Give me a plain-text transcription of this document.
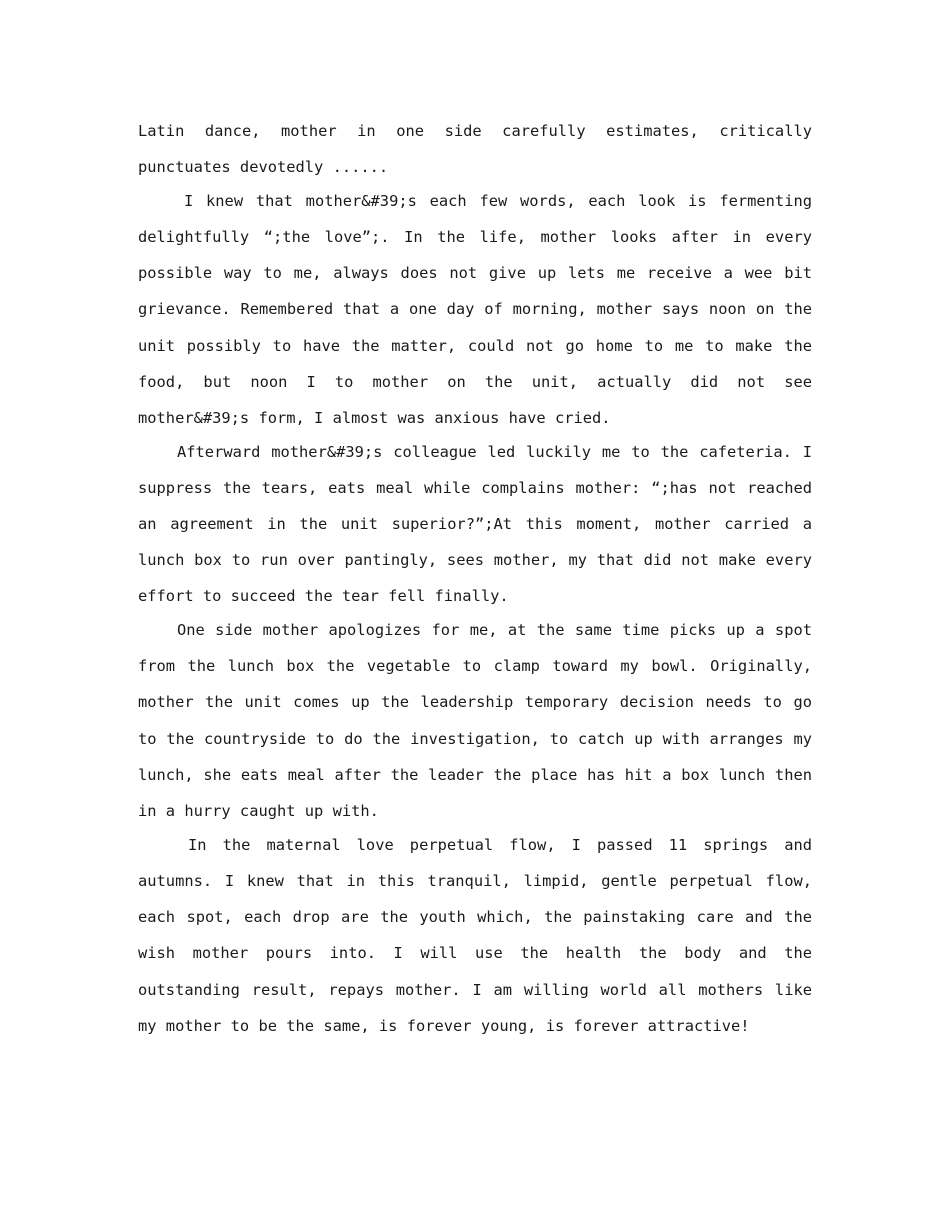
Latin dance, mother in one side carefully estimates, critically punctuates devotedly ......

I knew that mother&#39;s each few words, each look is fermenting delightfully “;the love”;. In the life, mother looks after in every possible way to me, always does not give up lets me receive a wee bit grievance. Remembered that a one day of morning, mother says noon on the unit possibly to have the matter, could not go home to me to make the food, but noon I to mother on the unit, actually did not see mother&#39;s form, I almost was anxious have cried.

Afterward mother&#39;s colleague led luckily me to the cafeteria. I suppress the tears, eats meal while complains mother: “;has not reached an agreement in the unit superior?”;At this moment, mother carried a lunch box to run over pantingly, sees mother, my that did not make every effort to succeed the tear fell finally.

One side mother apologizes for me, at the same time picks up a spot from the lunch box the vegetable to clamp toward my bowl. Originally, mother the unit comes up the leadership temporary decision needs to go to the countryside to do the investigation, to catch up with arranges my lunch, she eats meal after the leader the place has hit a box lunch then in a hurry caught up with.

In the maternal love perpetual flow, I passed 11 springs and autumns. I knew that in this tranquil, limpid, gentle perpetual flow, each spot, each drop are the youth which, the painstaking care and the wish mother pours into. I will use the health the body and the outstanding result, repays mother. I am willing world all mothers like my mother to be the same, is forever young, is forever attractive!
